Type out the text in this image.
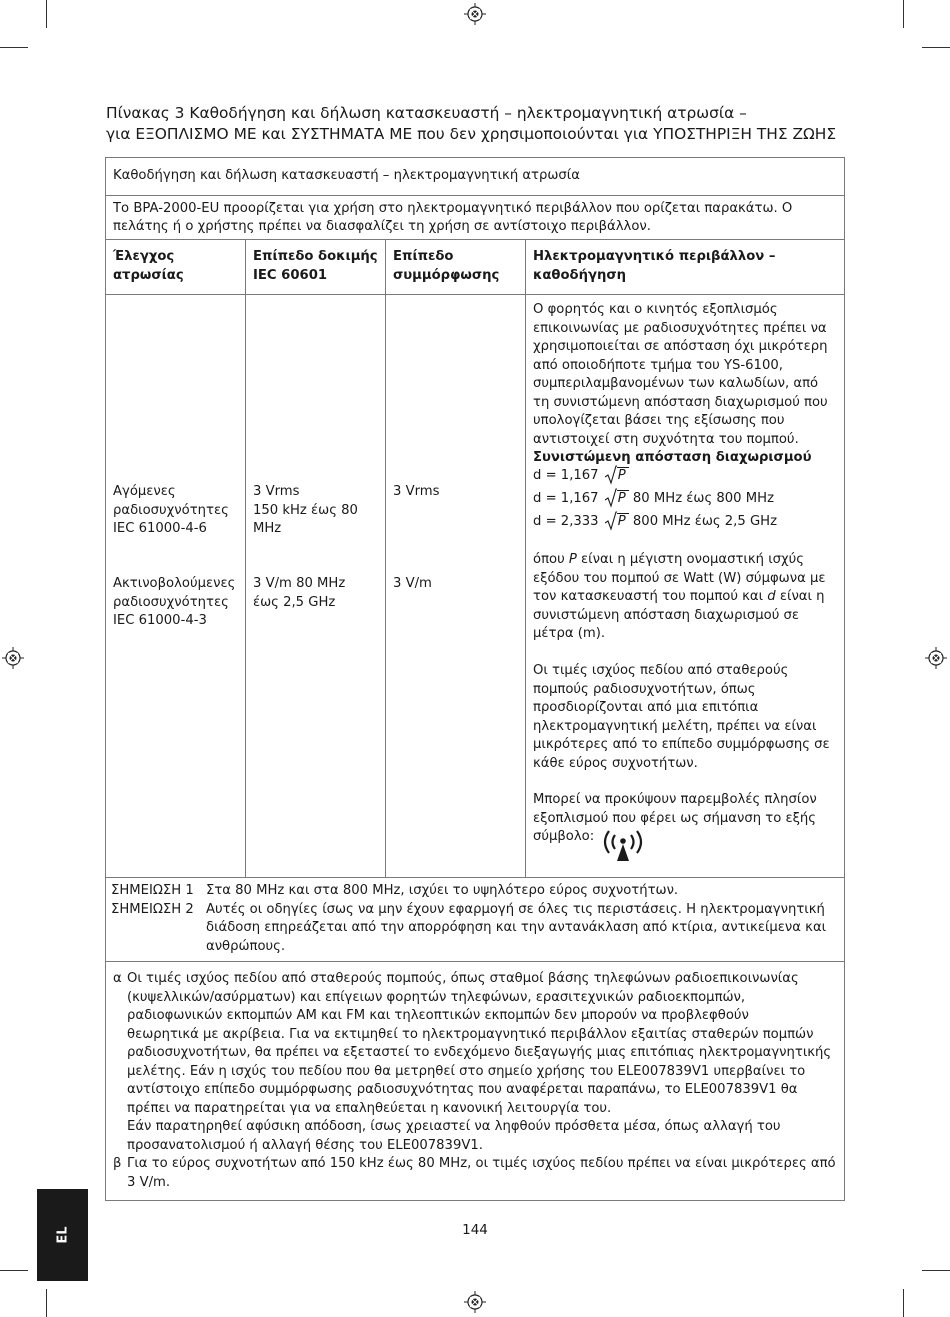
Πίνακας 3 Καθοδήγηση και δήλωση κατασκευαστή – ηλεκτρομαγνητική ατρωσία –
για ΕΞΟΠΛΙΣΜΟ ΜΕ και ΣΥΣΤΗΜΑΤΑ ΜΕ που δεν χρησιμοποιούνται για ΥΠΟΣΤΗΡΙΞΗ ΤΗΣ ΖΩΗΣ
Καθοδήγηση και δήλωση κατασκευαστή – ηλεκτρομαγνητική ατρωσία
Το BPA-2000-EU προορίζεται για χρήση στο ηλεκτρομαγνητικό περιβάλλον που ορίζεται παρακάτω. Ο
πελάτης ή ο χρήστης πρέπει να διασφαλίζει τη χρήση σε αντίστοιχο περιβάλλον.
Έλεγχος
ατρωσίας
Επίπεδο δοκιμής
IEC 60601
Επίπεδο
συμμόρφωσης
Ηλεκτρομαγνητικό περιβάλλον –
καθοδήγηση
Αγόμενες
ραδιοσυχνότητες
IEC 61000-4-6
3 Vrms
150 kHz έως 80
MHz
3 Vrms
Ακτινοβολούμενες
ραδιοσυχνότητες
IEC 61000-4-3
3 V/m 80 MHz
έως 2,5 GHz
3 V/m
Ο φορητός και ο κινητός εξοπλισμός
επικοινωνίας με ραδιοσυχνότητες πρέπει να
χρησιμοποιείται σε απόσταση όχι μικρότερη
από οποιοδήποτε τμήμα του YS-6100,
συμπεριλαμβανομένων των καλωδίων, από
τη συνιστώμενη απόσταση διαχωρισμού που
υπολογίζεται βάσει της εξίσωσης που
αντιστοιχεί στη συχνότητα του πομπού.
Συνιστώμενη απόσταση διαχωρισμού
d = 1,167 P
d = 1,167 P 80 MHz έως 800 MHz
d = 2,333 P 800 MHz έως 2,5 GHz
όπου P είναι η μέγιστη ονομαστική ισχύς
εξόδου του πομπού σε Watt (W) σύμφωνα με
τον κατασκευαστή του πομπού και d είναι η
συνιστώμενη απόσταση διαχωρισμού σε
μέτρα (m).
Οι τιμές ισχύος πεδίου από σταθερούς
πομπούς ραδιοσυχνοτήτων, όπως
προσδιορίζονται από μια επιτόπια
ηλεκτρομαγνητική μελέτη, πρέπει να είναι
μικρότερες από το επίπεδο συμμόρφωσης σε
κάθε εύρος συχνοτήτων.
Μπορεί να προκύψουν παρεμβολές πλησίον
εξοπλισμού που φέρει ως σήμανση το εξής
σύμβολο:
ΣΗΜΕΙΩΣΗ 1 Στα 80 MHz και στα 800 MHz, ισχύει το υψηλότερο εύρος συχνοτήτων.
ΣΗΜΕΙΩΣΗ 2 Αυτές οι οδηγίες ίσως να μην έχουν εφαρμογή σε όλες τις περιστάσεις. Η ηλεκτρομαγνητική
διάδοση επηρεάζεται από την απορρόφηση και την αντανάκλαση από κτίρια, αντικείμενα και
ανθρώπους.
α Οι τιμές ισχύος πεδίου από σταθερούς πομπούς, όπως σταθμοί βάσης τηλεφώνων ραδιοεπικοινωνίας
(κυψελλικών/ασύρματων) και επίγειων φορητών τηλεφώνων, ερασιτεχνικών ραδιοεκπομπών,
ραδιοφωνικών εκπομπών AM και FM και τηλεοπτικών εκπομπών δεν μπορούν να προβλεφθούν
θεωρητικά με ακρίβεια. Για να εκτιμηθεί το ηλεκτρομαγνητικό περιβάλλον εξαιτίας σταθερών πομπών
ραδιοσυχνοτήτων, θα πρέπει να εξεταστεί το ενδεχόμενο διεξαγωγής μιας επιτόπιας ηλεκτρομαγνητικής
μελέτης. Εάν η ισχύς του πεδίου που θα μετρηθεί στο σημείο χρήσης του ELE007839V1 υπερβαίνει το
αντίστοιχο επίπεδο συμμόρφωσης ραδιοσυχνότητας που αναφέρεται παραπάνω, το ELE007839V1 θα
πρέπει να παρατηρείται για να επαληθεύεται η κανονική λειτουργία του.
Εάν παρατηρηθεί αφύσικη απόδοση, ίσως χρειαστεί να ληφθούν πρόσθετα μέσα, όπως αλλαγή του
προσανατολισμού ή αλλαγή θέσης του ELE007839V1.
β Για το εύρος συχνοτήτων από 150 kHz έως 80 MHz, οι τιμές ισχύος πεδίου πρέπει να είναι μικρότερες από
3 V/m.
EL	144
